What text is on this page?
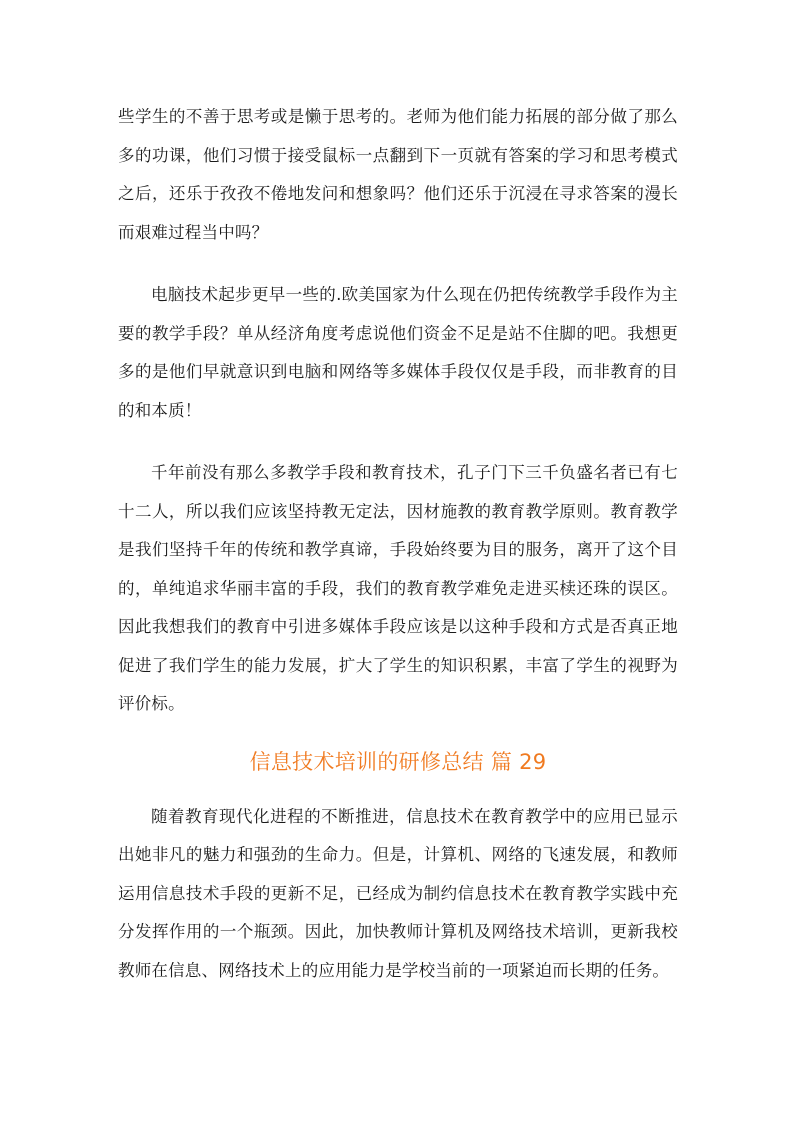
些学生的不善于思考或是懒于思考的。老师为他们能力拓展的部分做了那么多的功课，他们习惯于接受鼠标一点翻到下一页就有答案的学习和思考模式之后，还乐于孜孜不倦地发问和想象吗？他们还乐于沉浸在寻求答案的漫长而艰难过程当中吗？

电脑技术起步更早一些的.欧美国家为什么现在仍把传统教学手段作为主要的教学手段？单从经济角度考虑说他们资金不足是站不住脚的吧。我想更多的是他们早就意识到电脑和网络等多媒体手段仅仅是手段，而非教育的目的和本质！

千年前没有那么多教学手段和教育技术，孔子门下三千负盛名者已有七十二人，所以我们应该坚持教无定法，因材施教的教育教学原则。教育教学是我们坚持千年的传统和教学真谛，手段始终要为目的服务，离开了这个目的，单纯追求华丽丰富的手段，我们的教育教学难免走进买椟还珠的误区。因此我想我们的教育中引进多媒体手段应该是以这种手段和方式是否真正地促进了我们学生的能力发展，扩大了学生的知识积累，丰富了学生的视野为评价标。

信息技术培训的研修总结 篇 29

随着教育现代化进程的不断推进，信息技术在教育教学中的应用已显示出她非凡的魅力和强劲的生命力。但是，计算机、网络的飞速发展，和教师运用信息技术手段的更新不足，已经成为制约信息技术在教育教学实践中充分发挥作用的一个瓶颈。因此，加快教师计算机及网络技术培训，更新我校教师在信息、网络技术上的应用能力是学校当前的一项紧迫而长期的任务。
